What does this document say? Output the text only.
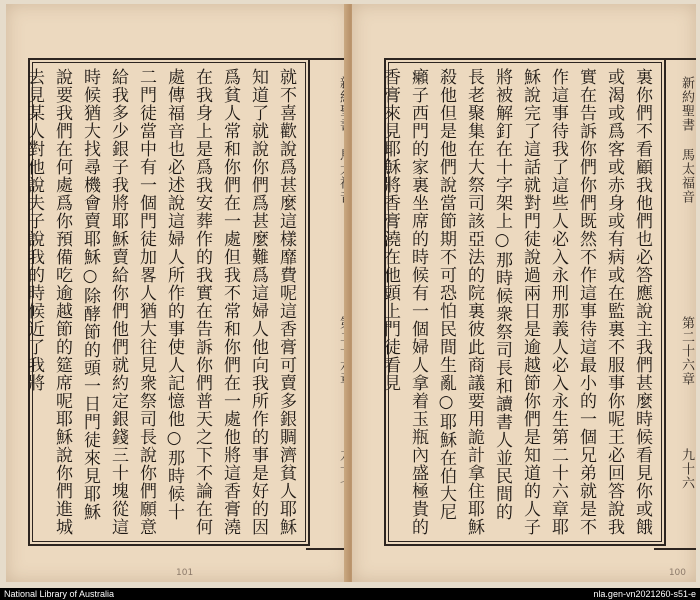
就不喜歡說爲甚麼這樣靡費呢這香膏可賣多銀賙濟貧人耶穌知道了就說你們爲甚麼難爲這婦人他向我所作的事是好的因爲貧人常和你們在一處但我不常和你們在一處他將這香膏澆在我身上是爲我安葬作的我實在告訴你們普天之下不論在何處傳福音也必述說這婦人所作的事使人記憶他○那時候十二門徒當中有一個門徒加畧人猶大往見衆祭司長說你們願意給我多少銀子我將耶穌賣給你們他們就約定銀錢三十塊從這時候猶大找尋機會賣耶穌○除酵節的頭一日門徒來見耶穌說要我們在何處爲你預備吃逾越節的筵席呢耶穌說你們進城去見某人對他說夫子說我的時候近了我將
101
裏你們不看顧我他們也必答應說主我們甚麼時候看見你或餓或渴或爲客或赤身或有病或在監裏不服事你呢王必回答說我實在告訴你們你們既然不作這事待這最小的一個兄弟就是不作這事待我了這些人必入永刑那義人必入永生第二十六章耶穌說完了這話就對門徒說過兩日是逾越節你們是知道的人子將被解釘在十字架上○那時候衆祭司長和讀書人並民間的長老聚集在大祭司該亞法的院裏彼此商議要用詭計拿住耶穌殺他但是他們說當節期不可恐怕民間生亂○耶穌在伯大尼癩子西門的家裏坐席的時候有一個婦人拿着玉瓶內盛極貴的香膏來見耶穌將香膏澆在他頭上門徒看見	新約聖書
馬太福音
第二十六章
九十六
100
National Library of Australia	nla.gen-vn2021260-s51-e
